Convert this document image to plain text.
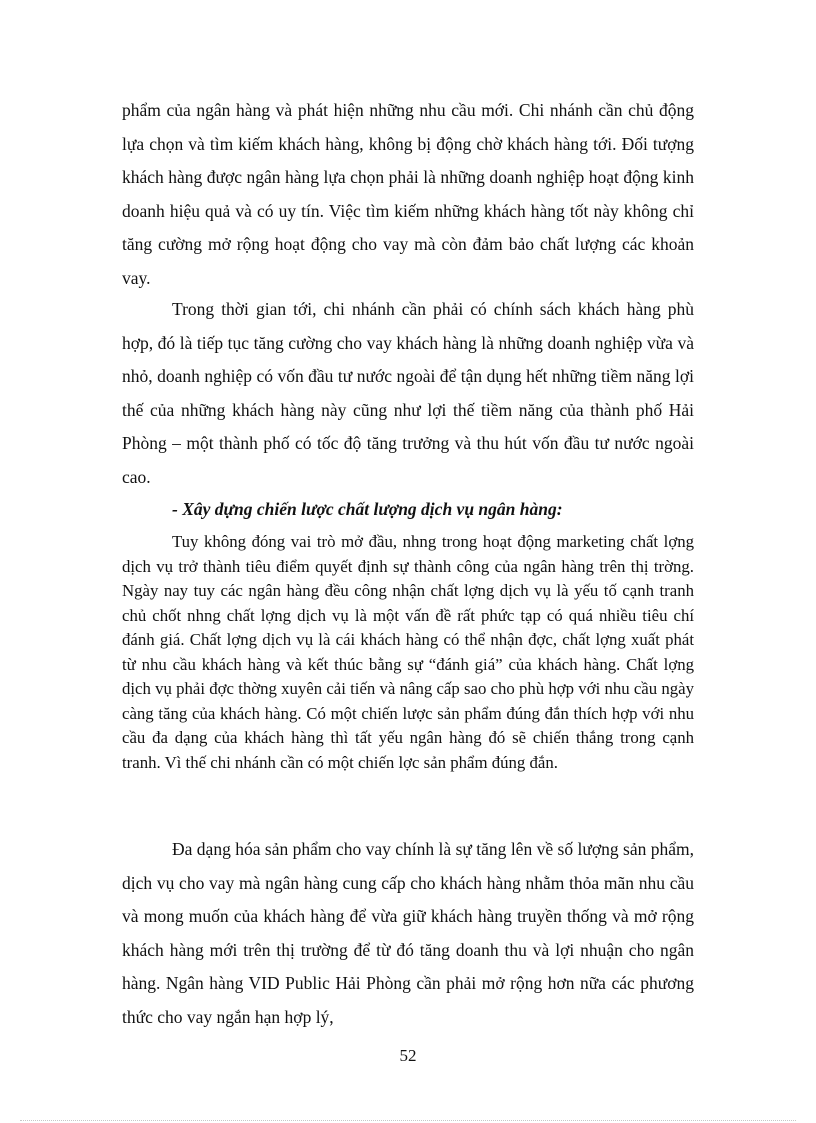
phẩm của ngân hàng và phát hiện những nhu cầu mới. Chi nhánh cần chủ động lựa chọn và tìm kiếm khách hàng, không bị động chờ khách hàng tới. Đối tượng khách hàng được ngân hàng lựa chọn phải là những doanh nghiệp hoạt động kinh doanh hiệu quả và có uy tín. Việc tìm kiếm những khách hàng tốt này không chỉ tăng cường mở rộng hoạt động cho vay mà còn đảm bảo chất lượng các khoản vay.

Trong thời gian tới, chi nhánh cần phải có chính sách khách hàng phù hợp, đó là tiếp tục tăng cường cho vay khách hàng là những doanh nghiệp vừa và nhỏ, doanh nghiệp có vốn đầu tư nước ngoài để tận dụng hết những tiềm năng lợi thế của những khách hàng này cũng như lợi thế tiềm năng của thành phố Hải Phòng – một thành phố có tốc độ tăng trưởng và thu hút vốn đầu tư nước ngoài cao.

- Xây dựng chiến lược chất lượng dịch vụ ngân hàng:

Tuy không đóng vai trò mở đầu, nhng trong hoạt động marketing chất lợng dịch vụ trở thành tiêu điểm quyết định sự thành công của ngân hàng trên thị trờng. Ngày nay tuy các ngân hàng đều công nhận chất lợng dịch vụ là yếu tố cạnh tranh chủ chốt nhng chất lợng dịch vụ là một vấn đề rất phức tạp có quá nhiều tiêu chí đánh giá. Chất lợng dịch vụ là cái khách hàng có thể nhận đợc, chất lợng xuất phát từ nhu cầu khách hàng và kết thúc bằng sự “đánh giá” của khách hàng. Chất lợng dịch vụ phải đợc thờng xuyên cải tiến và nâng cấp sao cho phù hợp với nhu cầu ngày càng tăng của khách hàng. Có một chiến lược sản phẩm đúng đắn thích hợp với nhu cầu đa dạng của khách hàng thì tất yếu ngân hàng đó sẽ chiến thắng trong cạnh tranh. Vì thế chi nhánh cần có một chiến lợc sản phẩm đúng đắn.

Đa dạng hóa sản phẩm cho vay chính là sự tăng lên về số lượng sản phẩm, dịch vụ cho vay mà ngân hàng cung cấp cho khách hàng nhằm thỏa mãn nhu cầu và mong muốn của khách hàng để vừa giữ khách hàng truyền thống và mở rộng khách hàng mới trên thị trường để từ đó tăng doanh thu và lợi nhuận cho ngân hàng. Ngân hàng VID Public Hải Phòng cần phải mở rộng hơn nữa các phương thức cho vay ngắn hạn hợp lý,

52
